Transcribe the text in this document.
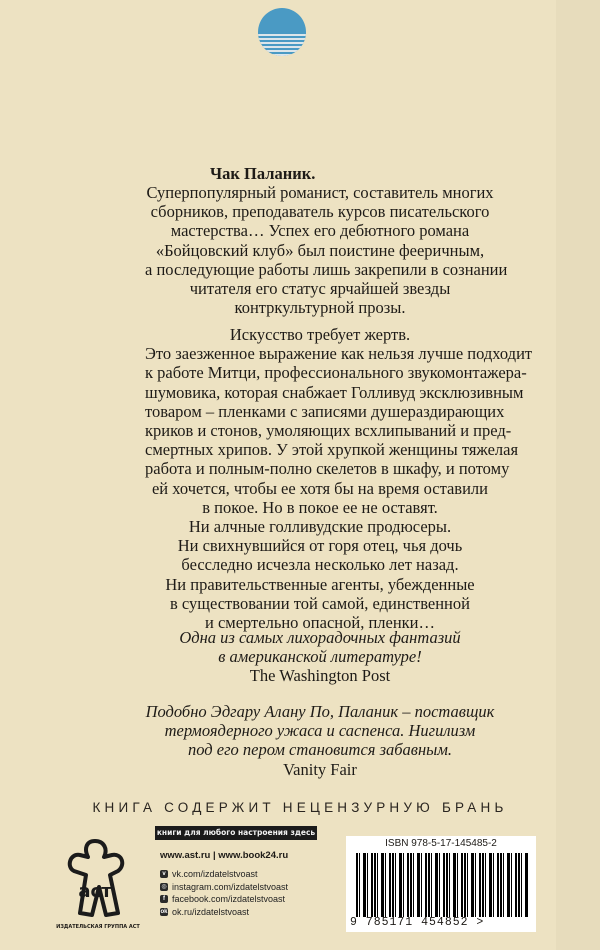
Чак Паланик.
Суперпопулярный романист, составитель многих
сборников, преподаватель курсов писательского
мастерства… Успех его дебютного романа
«Бойцовский клуб» был поистине фееричным,
а последующие работы лишь закрепили в сознании
читателя его статус ярчайшей звезды
контркультурной прозы.
Искусство требует жертв.
Это заезженное выражение как нельзя лучше подходит
к работе Митци, профессионального звукомонтажера-
шумовика, которая снабжает Голливуд эксклюзивным
товаром – пленками с записями душераздирающих
криков и стонов, умоляющих всхлипываний и пред-
смертных хрипов. У этой хрупкой женщины тяжелая
работа и полным-полно скелетов в шкафу, и потому
ей хочется, чтобы ее хотя бы на время оставили
в покое. Но в покое ее не оставят.
Ни алчные голливудские продюсеры.
Ни свихнувшийся от горя отец, чья дочь
бесследно исчезла несколько лет назад.
Ни правительственные агенты, убежденные
в существовании той самой, единственной
и смертельно опасной, пленки…
Одна из самых лихорадочных фантазий
в американской литературе!
The Washington Post
Подобно Эдгару Алану По, Паланик – поставщик
термоядерного ужаса и саспенса. Нигилизм
под его пером становится забавным.
Vanity Fair
КНИГА СОДЕРЖИТ НЕЦЕНЗУРНУЮ БРАНЬ
книги для любого настроения здесь
аст
ИЗДАТЕЛЬСКАЯ ГРУППА АСТ
www.ast.ru | www.book24.ru
v vk.com/izdatelstvoast
◎ instagram.com/izdatelstvoast
f facebook.com/izdatelstvoast
ok ok.ru/izdatelstvoast
ISBN 978-5-17-145485-2
9 785171 454852 >
